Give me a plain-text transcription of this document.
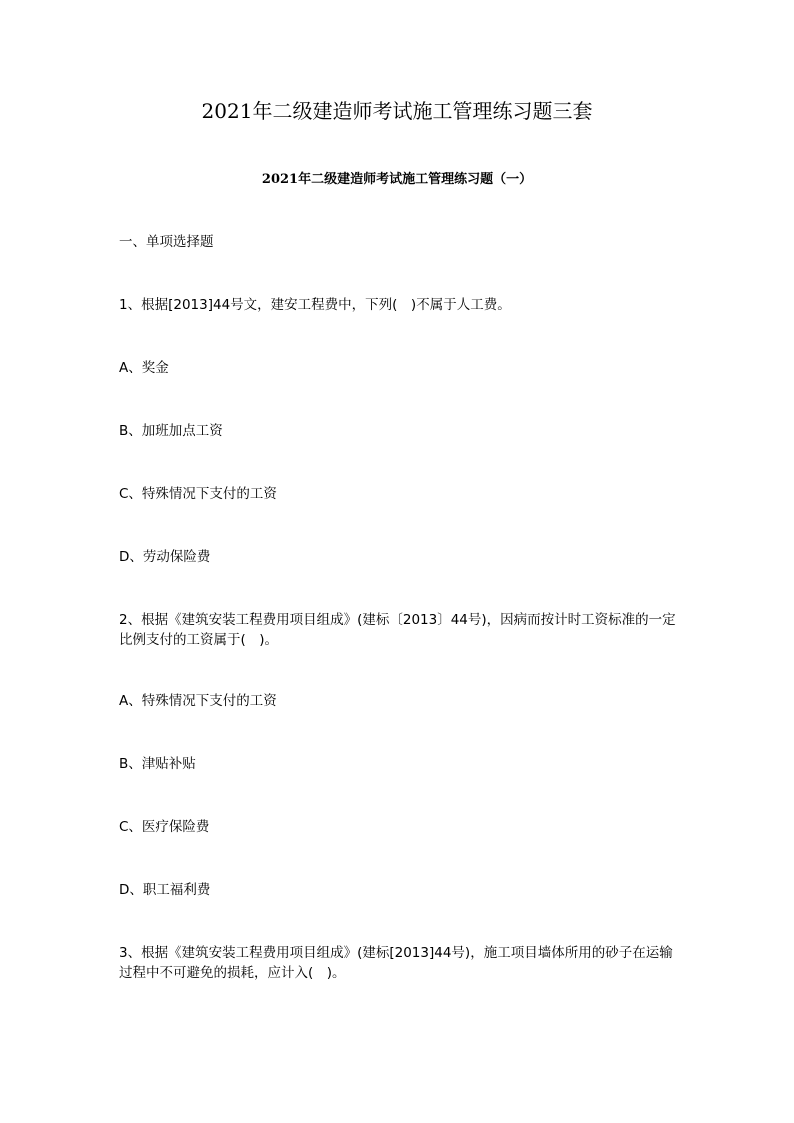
2021年二级建造师考试施工管理练习题三套
2021年二级建造师考试施工管理练习题（一）
一、单项选择题
1、根据[2013]44号文，建安工程费中，下列(　)不属于人工费。
A、奖金
B、加班加点工资
C、特殊情况下支付的工资
D、劳动保险费
2、根据《建筑安装工程费用项目组成》(建标〔2013〕44号)，因病而按计时工资标准的一定比例支付的工资属于(　)。
A、特殊情况下支付的工资
B、津贴补贴
C、医疗保险费
D、职工福利费
3、根据《建筑安装工程费用项目组成》(建标[2013]44号)，施工项目墙体所用的砂子在运输过程中不可避免的损耗，应计入(　)。
